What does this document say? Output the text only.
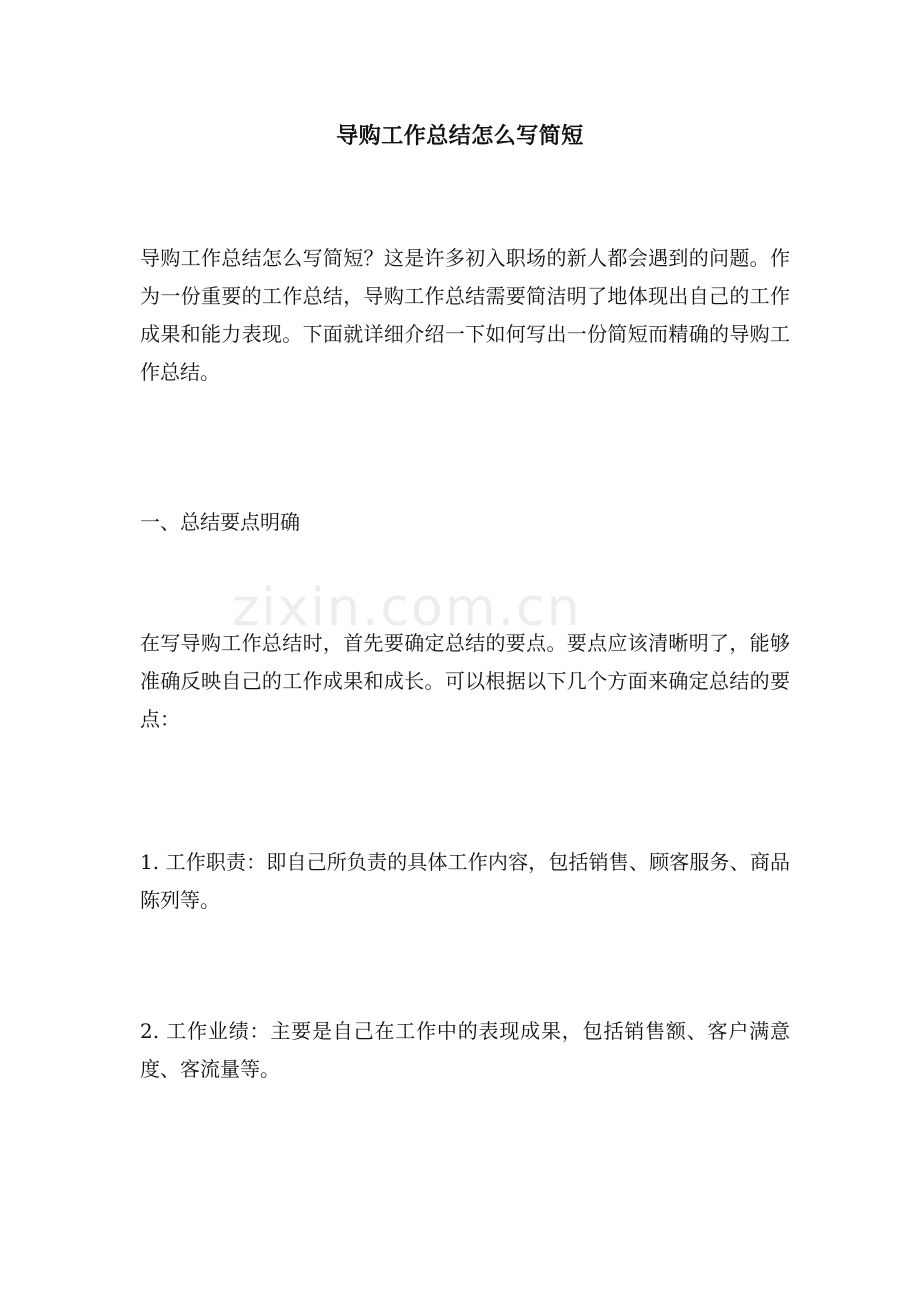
zixin.com.cn
导购工作总结怎么写简短

导购工作总结怎么写简短？这是许多初入职场的新人都会遇到的问题。作为一份重要的工作总结，导购工作总结需要简洁明了地体现出自己的工作成果和能力表现。下面就详细介绍一下如何写出一份简短而精确的导购工作总结。

一、总结要点明确

在写导购工作总结时，首先要确定总结的要点。要点应该清晰明了，能够准确反映自己的工作成果和成长。可以根据以下几个方面来确定总结的要点：

1. 工作职责：即自己所负责的具体工作内容，包括销售、顾客服务、商品陈列等。

2. 工作业绩：主要是自己在工作中的表现成果，包括销售额、客户满意度、客流量等。
